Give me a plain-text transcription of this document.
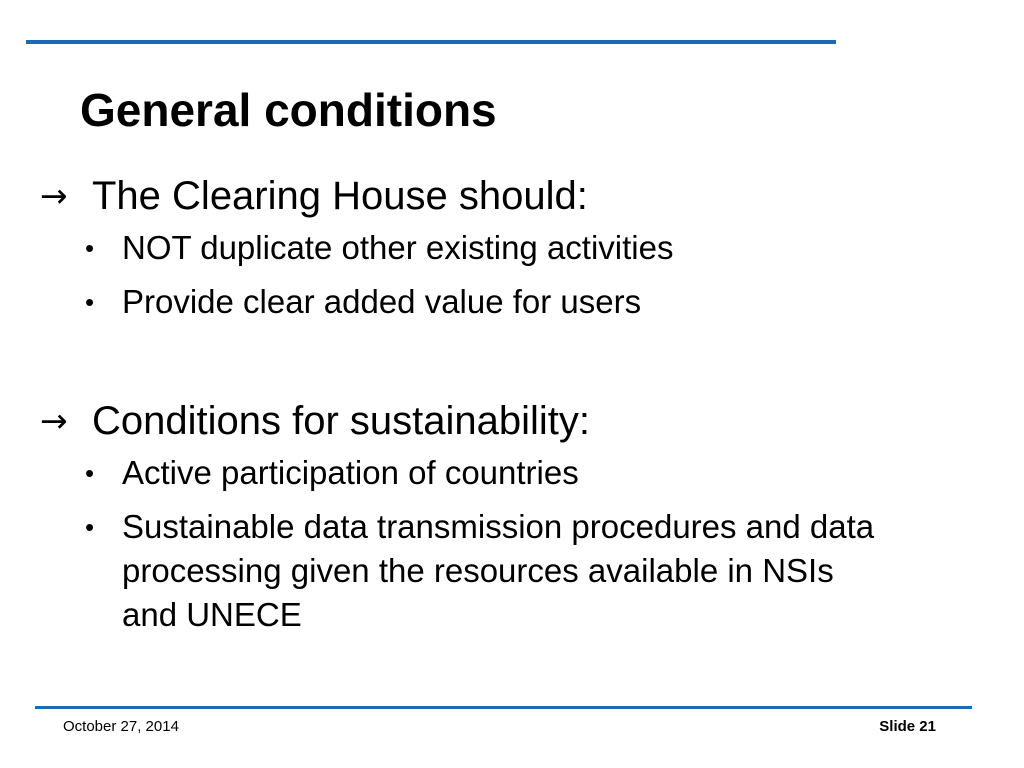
General conditions
→ The Clearing House should:
• NOT duplicate other existing activities
• Provide clear added value for users
→ Conditions for sustainability:
• Active participation of countries
• Sustainable data transmission procedures and data processing given the resources available in NSIs and UNECE
October 27, 2014	Slide 21
